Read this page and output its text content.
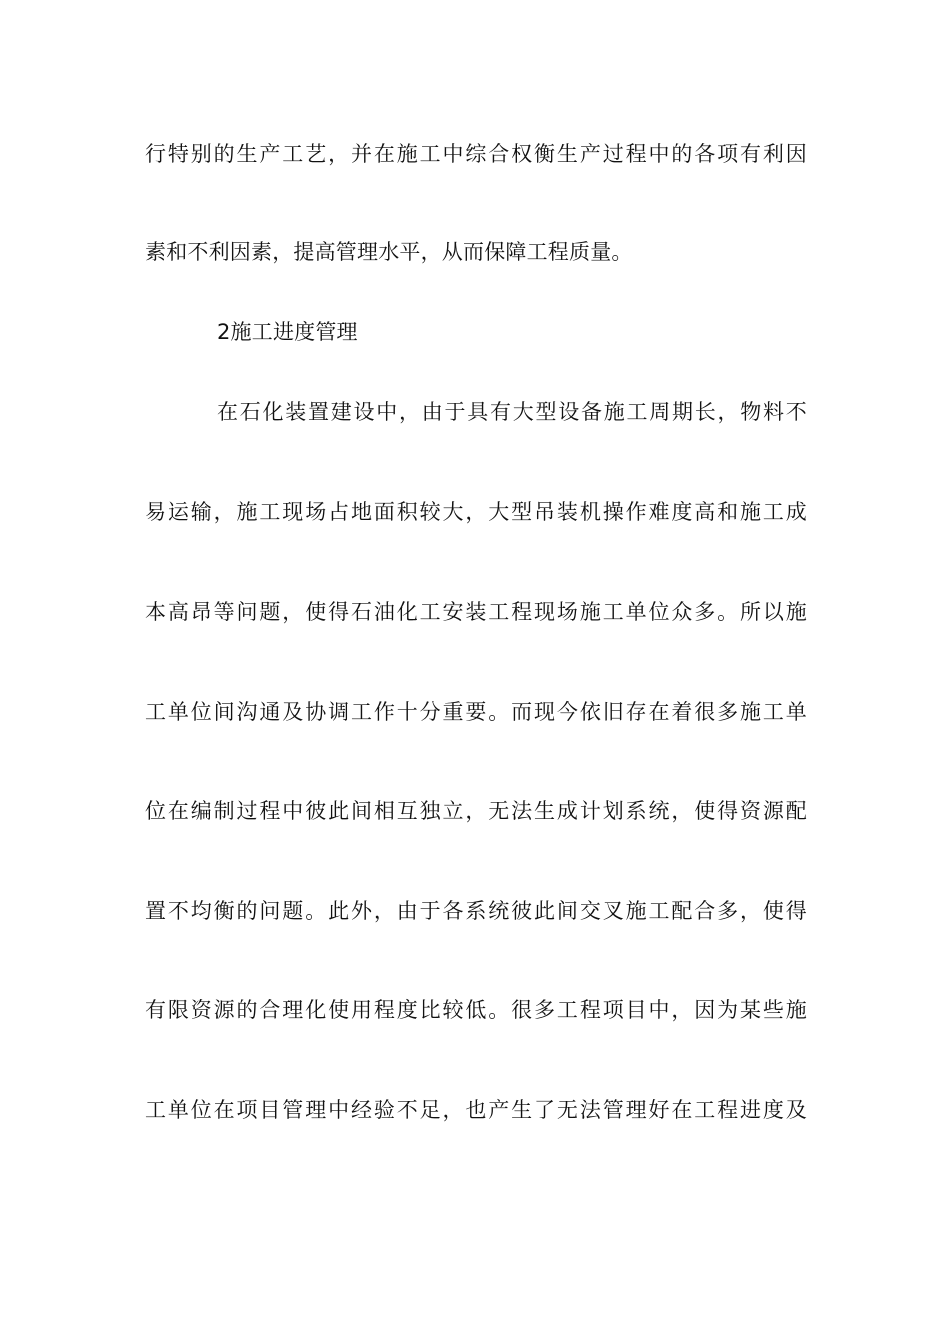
行特别的生产工艺，并在施工中综合权衡生产过程中的各项有利因
素和不利因素，提高管理水平，从而保障工程质量。
2施工进度管理
在石化装置建设中，由于具有大型设备施工周期长，物料不
易运输，施工现场占地面积较大，大型吊装机操作难度高和施工成
本高昂等问题，使得石油化工安装工程现场施工单位众多。所以施
工单位间沟通及协调工作十分重要。而现今依旧存在着很多施工单
位在编制过程中彼此间相互独立，无法生成计划系统，使得资源配
置不均衡的问题。此外，由于各系统彼此间交叉施工配合多，使得
有限资源的合理化使用程度比较低。很多工程项目中，因为某些施
工单位在项目管理中经验不足，也产生了无法管理好在工程进度及
